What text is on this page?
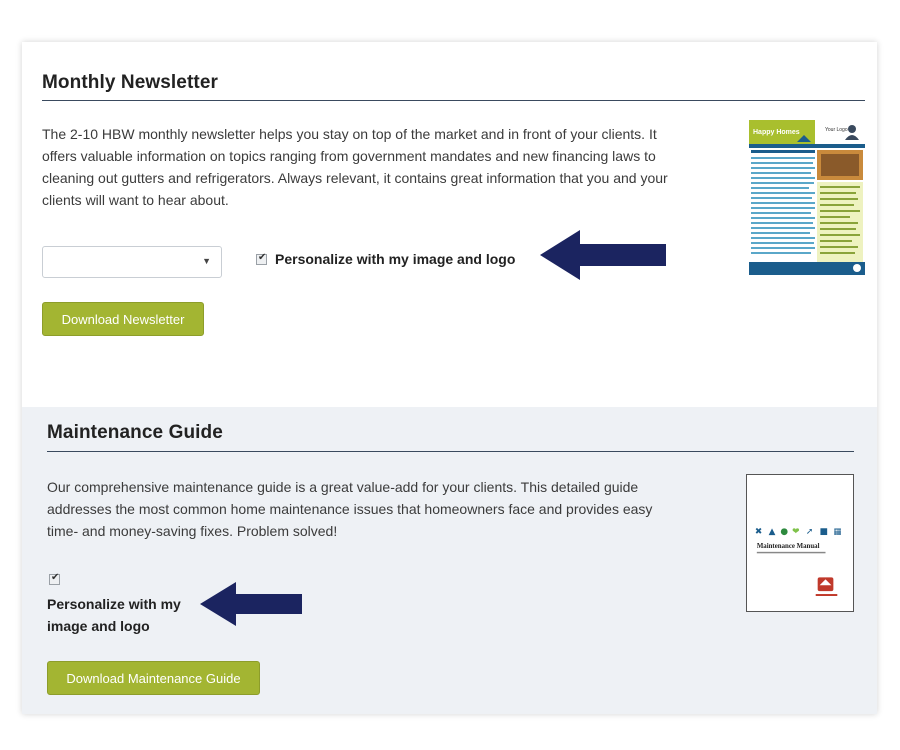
Monthly Newsletter

The 2-10 HBW monthly newsletter helps you stay on top of the market and in front of your clients. It offers valuable information on topics ranging from government mandates and new financing laws to cleaning out gutters and refrigerators. Always relevant, it contains great information that you and your clients will want to hear about.

▼
✔	Personalize with my image and logo
Download Newsletter
Happy Homes	Your Logo
Maintenance Guide

Our comprehensive maintenance guide is a great value-add for your clients. This detailed guide addresses the most common home maintenance issues that homeowners face and provides easy time- and money-saving fixes. Problem solved!

✔
Personalize with my image and logo
Download Maintenance Guide
✖ ▲ ● ❤ ➚ ■ ▦
Maintenance Manual
